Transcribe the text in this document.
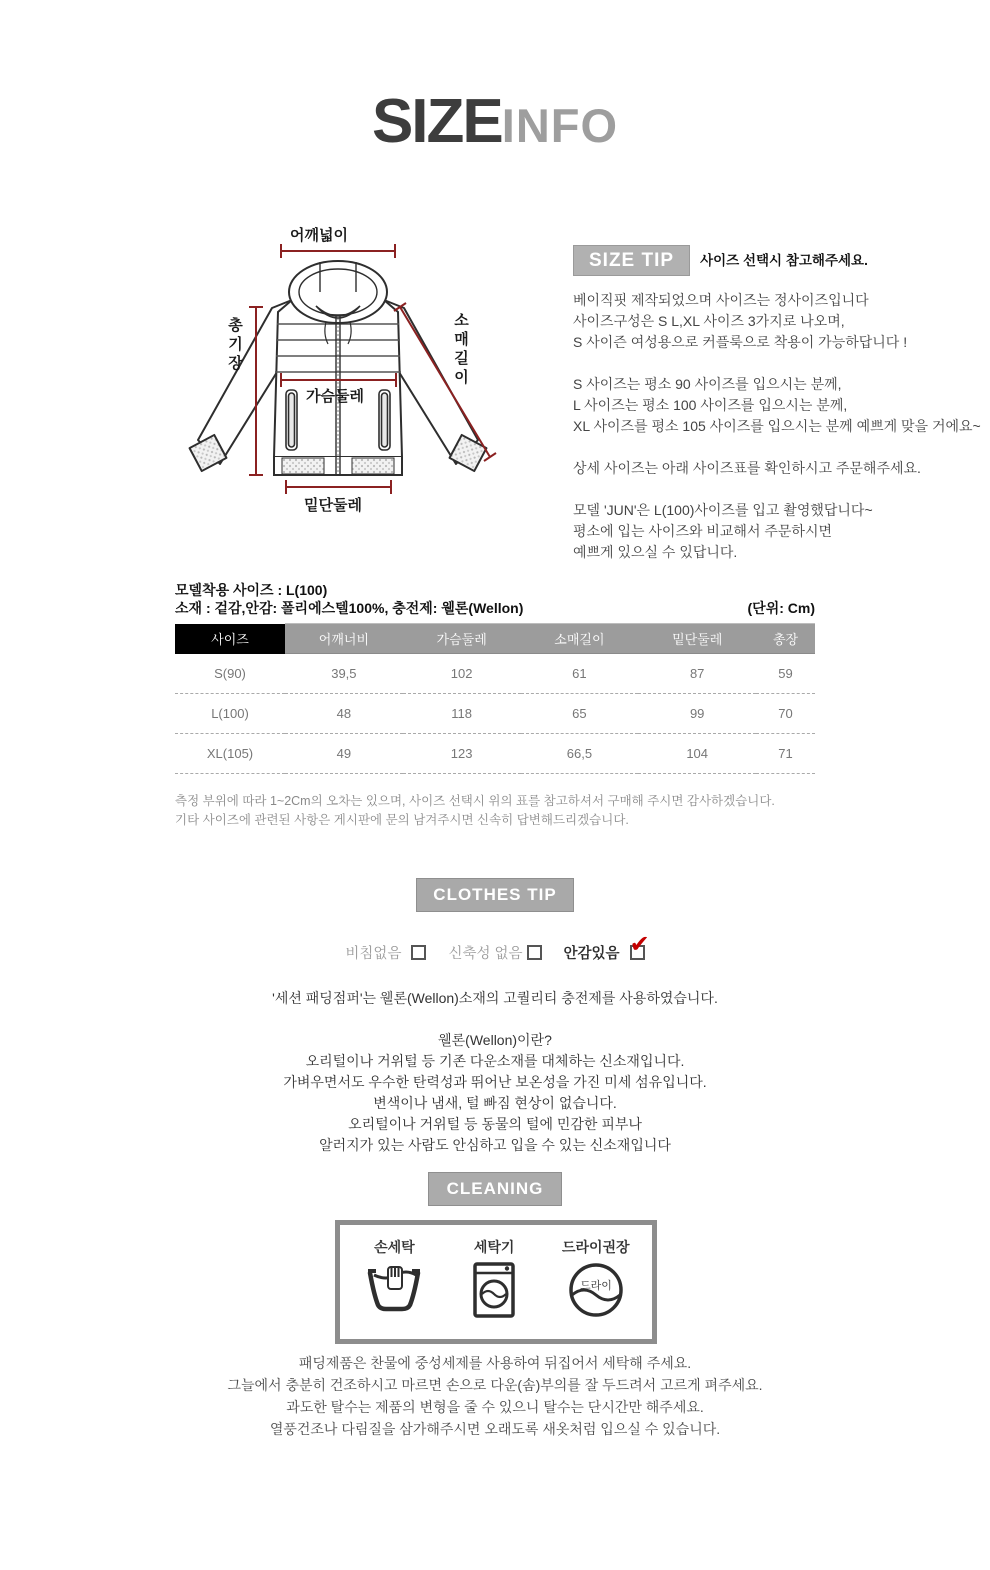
SIZEINFO
어깨넓이
총기장	소매길이
가슴둘레
밑단둘레
SIZE TIP	사이즈 선택시 참고해주세요.

베이직핏 제작되었으며 사이즈는 정사이즈입니다
사이즈구성은 S L,XL 사이즈 3가지로 나오며,
S 사이즌 여성용으로 커플룩으로 착용이 가능하답니다 !

S 사이즈는 평소 90 사이즈를 입으시는 분께,
L 사이즈는 평소 100 사이즈를 입으시는 분께,
XL 사이즈를 평소 105 사이즈를 입으시는 분께 예쁘게 맞을 거에요~

상세 사이즈는 아래 사이즈표를 확인하시고 주문해주세요.

모델 'JUN'은 L(100)사이즈를 입고 촬영했답니다~
평소에 입는 사이즈와 비교해서 주문하시면
예쁘게 있으실 수 있답니다.

모델착용 사이즈 : L(100)
소재 : 겉감,안감: 폴리에스텔100%, 충전제: 웰론(Wellon)	(단위: Cm)
사이즈	어깨너비	가슴둘레	소매길이	밑단둘레	총장
S(90)	39,5	102	61	87	59
L(100)	48	118	65	99	70
XL(105)	49	123	66,5	104	71
측정 부위에 따라 1~2Cm의 오차는 있으며, 사이즈 선택시 위의 표를 참고하셔서 구매해 주시면 감사하겠습니다.
기타 사이즈에 관련된 사항은 게시판에 문의 남겨주시면 신속히 답변해드리겠습니다.
CLOTHES TIP
비침없음	신축성 없음	안감있음 ✔
'세션 패딩점퍼'는 웰론(Wellon)소재의 고퀄리티 충전제를 사용하였습니다.
웰론(Wellon)이란?
오리털이나 거위털 등 기존 다운소재를 대체하는 신소재입니다.
가벼우면서도 우수한 탄력성과 뛰어난 보온성을 가진 미세 섬유입니다.
변색이나 냄새, 털 빠짐 현상이 없습니다.
오리털이나 거위털 등 동물의 털에 민감한 피부나
알러지가 있는 사람도 안심하고 입을 수 있는 신소재입니다
CLEANING
손세탁	세탁기	드라이권장
드라이
패딩제품은 찬물에 중성세제를 사용하여 뒤집어서 세탁해 주세요.
그늘에서 충분히 건조하시고 마르면 손으로 다운(솜)부의를 잘 두드려서 고르게 펴주세요.
과도한 탈수는 제품의 변형을 줄 수 있으니 탈수는 단시간만 해주세요.
열풍건조나 다림질을 삼가해주시면 오래도록 새옷처럼 입으실 수 있습니다.
